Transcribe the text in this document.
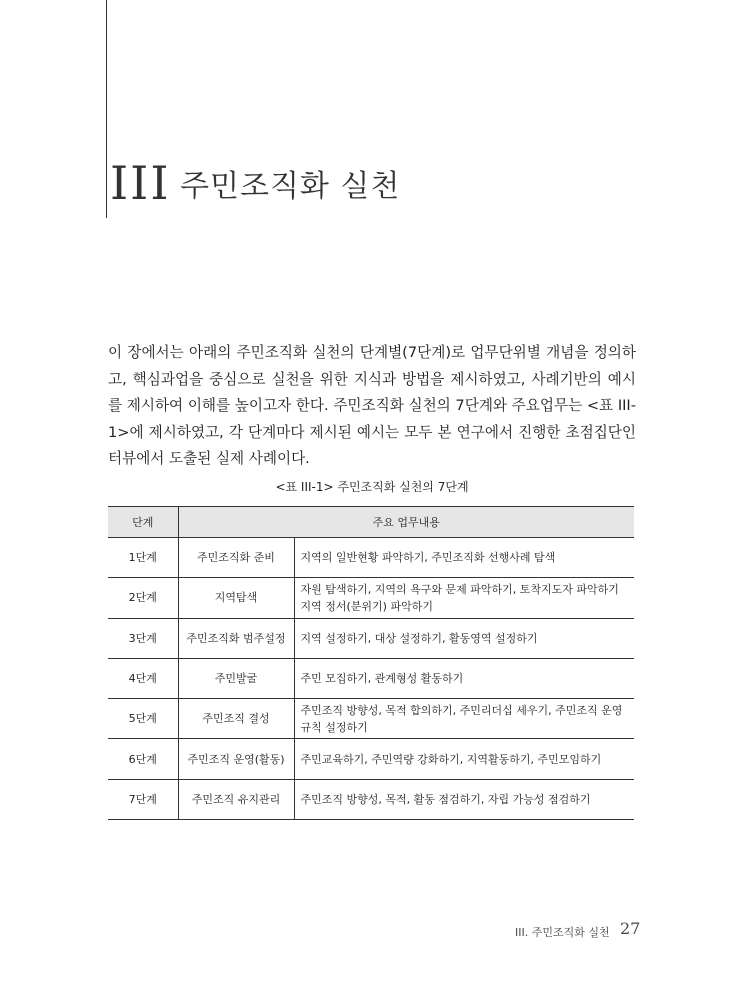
III 주민조직화 실천

이 장에서는 아래의 주민조직화 실천의 단계별(7단계)로 업무단위별 개념을 정의하고, 핵심과업을 중심으로 실천을 위한 지식과 방법을 제시하였고, 사례기반의 예시를 제시하여 이해를 높이고자 한다. 주민조직화 실천의 7단계와 주요업무는 <표 III-1>에 제시하였고, 각 단계마다 제시된 예시는 모두 본 연구에서 진행한 초점집단인터뷰에서 도출된 실제 사례이다.

<표 III-1> 주민조직화 실천의 7단계
단계	주요 업무내용	
1단계	주민조직화 준비	지역의 일반현황 파악하기, 주민조직화 선행사례 탐색
2단계	지역탐색	자원 탐색하기, 지역의 욕구와 문제 파악하기, 토착지도자 파악하기 지역 정서(분위기) 파악하기
3단계	주민조직화 범주설정	지역 설정하기, 대상 설정하기, 활동영역 설정하기
4단계	주민발굴	주민 모집하기, 관계형성 활동하기
5단계	주민조직 결성	주민조직 방향성, 목적 합의하기, 주민리더십 세우기, 주민조직 운영 규칙 설정하기
6단계	주민조직 운영(활동)	주민교육하기, 주민역량 강화하기, 지역활동하기, 주민모임하기
7단계	주민조직 유지관리	주민조직 방향성, 목적, 활동 점검하기, 자립 가능성 점검하기
III. 주민조직화 실천 27
